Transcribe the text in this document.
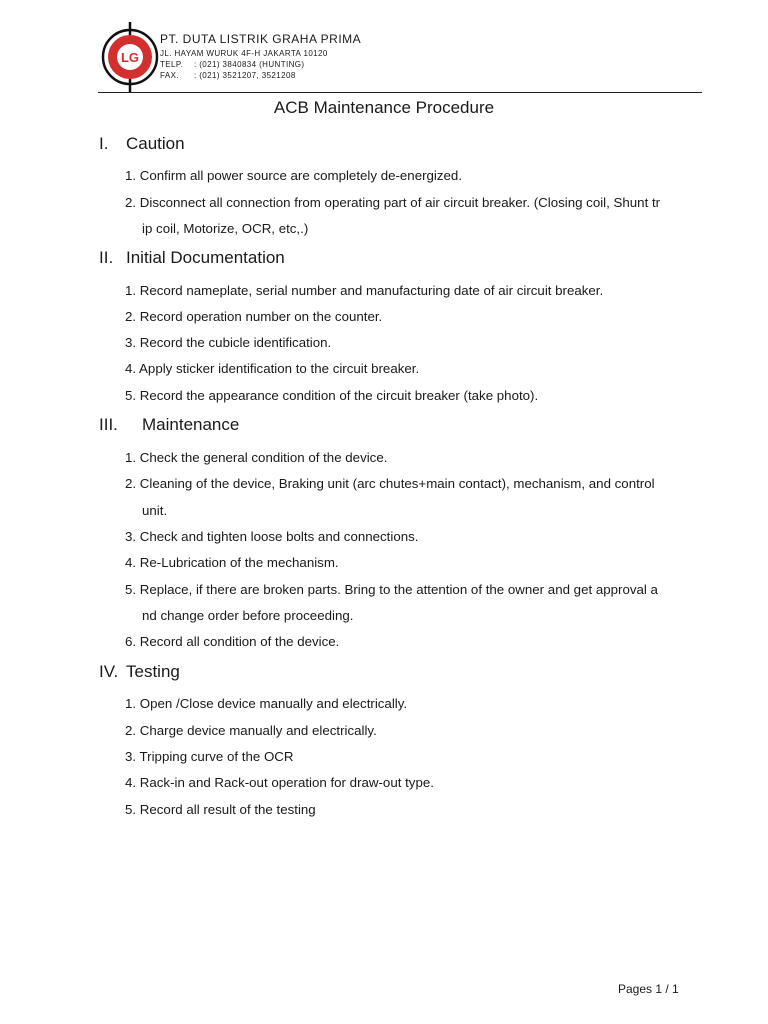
LG
PT. DUTA LISTRIK GRAHA PRIMA
JL. HAYAM WURUK 4F-H JAKARTA 10120
TELP. : (021) 3840834 (HUNTING)
FAX. : (021) 3521207, 3521208
ACB Maintenance Procedure
I. Caution
1. Confirm all power source are completely de-energized.
2. Disconnect all connection from operating part of air circuit breaker. (Closing coil, Shunt tr
ip coil, Motorize, OCR, etc,.)
II. Initial Documentation
1. Record nameplate, serial number and manufacturing date of air circuit breaker.
2. Record operation number on the counter.
3. Record the cubicle identification.
4. Apply sticker identification to the circuit breaker.
5. Record the appearance condition of the circuit breaker (take photo).
III. Maintenance
1. Check the general condition of the device.
2. Cleaning of the device, Braking unit (arc chutes+main contact), mechanism, and control
unit.
3. Check and tighten loose bolts and connections.
4. Re-Lubrication of the mechanism.
5. Replace, if there are broken parts. Bring to the attention of the owner and get approval a
nd change order before proceeding.
6. Record all condition of the device.
IV. Testing
1. Open /Close device manually and electrically.
2. Charge device manually and electrically.
3. Tripping curve of the OCR
4. Rack-in and Rack-out operation for draw-out type.
5. Record all result of the testing
Pages 1 / 1
